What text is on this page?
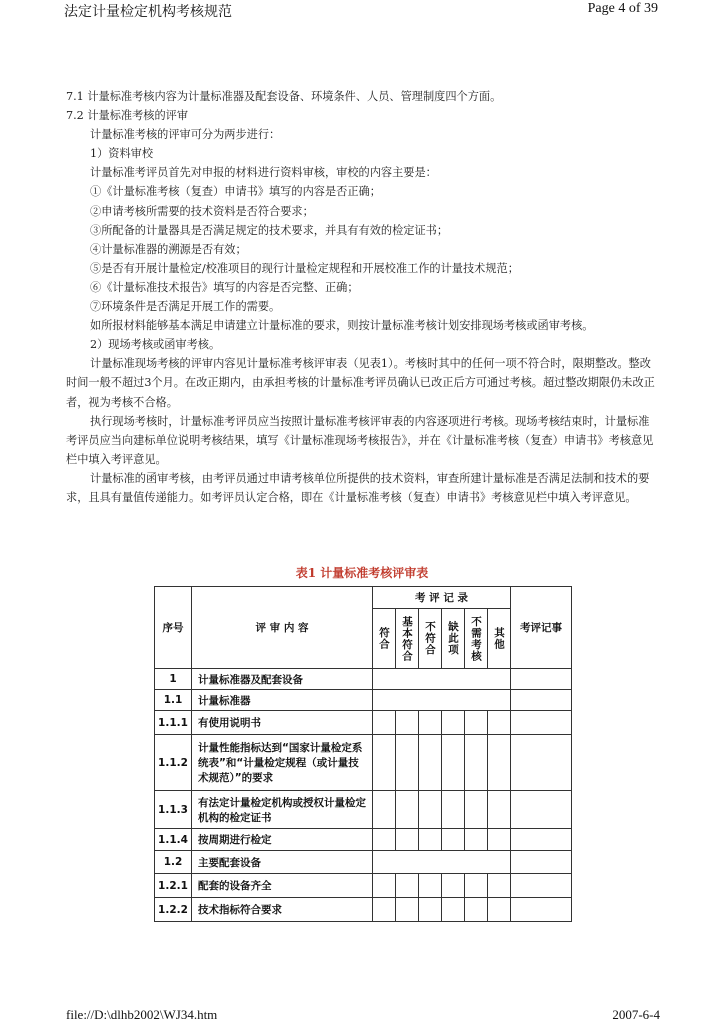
法定计量检定机构考核规范	Page 4 of 39

7.1 计量标准考核内容为计量标准器及配套设备、环境条件、人员、管理制度四个方面。

7.2 计量标准考核的评审

计量标准考核的评审可分为两步进行：

1）资料审校

计量标准考评员首先对申报的材料进行资料审核，审校的内容主要是：

①《计量标准考核（复查）申请书》填写的内容是否正确；

②申请考核所需要的技术资料是否符合要求；

③所配备的计量器具是否满足规定的技术要求，并具有有效的检定证书；

④计量标准器的溯源是否有效；

⑤是否有开展计量检定/校准项目的现行计量检定规程和开展校准工作的计量技术规范；

⑥《计量标准技术报告》填写的内容是否完整、正确；

⑦环境条件是否满足开展工作的需要。

如所报材料能够基本满足申请建立计量标准的要求，则按计量标准考核计划安排现场考核或函审考核。

2）现场考核或函审考核。

计量标准现场考核的评审内容见计量标准考核评审表（见表1）。考核时其中的任何一项不符合时，限期整改。整改时间一般不超过3个月。在改正期内，由承担考核的计量标准考评员确认已改正后方可通过考核。超过整改期限仍未改正者，视为考核不合格。

执行现场考核时，计量标准考评员应当按照计量标准考核评审表的内容逐项进行考核。现场考核结束时，计量标准考评员应当向建标单位说明考核结果，填写《计量标准现场考核报告》，并在《计量标准考核（复查）申请书》考核意见栏中填入考评意见。

计量标准的函审考核，由考评员通过申请考核单位所提供的技术资料，审查所建计量标准是否满足法制和技术的要求，且具有量值传递能力。如考评员认定合格，即在《计量标准考核（复查）申请书》考核意见栏中填入考评意见。

表1 计量标准考核评审表
序号	评 审 内 容	考 评 记 录						考评记事

		符合	基本符合	不符合	缺此项	不需考核	其他	

1	计量标准器及配套设备							
1.1	计量标准器							
1.1.1	有使用说明书							
1.1.2	计量性能指标达到“国家计量检定系统表”和“计量检定规程（或计量技术规范）”的要求							
1.1.3	有法定计量检定机构或授权计量检定机构的检定证书							
1.1.4	按周期进行检定							
1.2	主要配套设备							
1.2.1	配套的设备齐全							
1.2.2	技术指标符合要求							
file://D:\dlhb2002\WJ34.htm	2007-6-4
